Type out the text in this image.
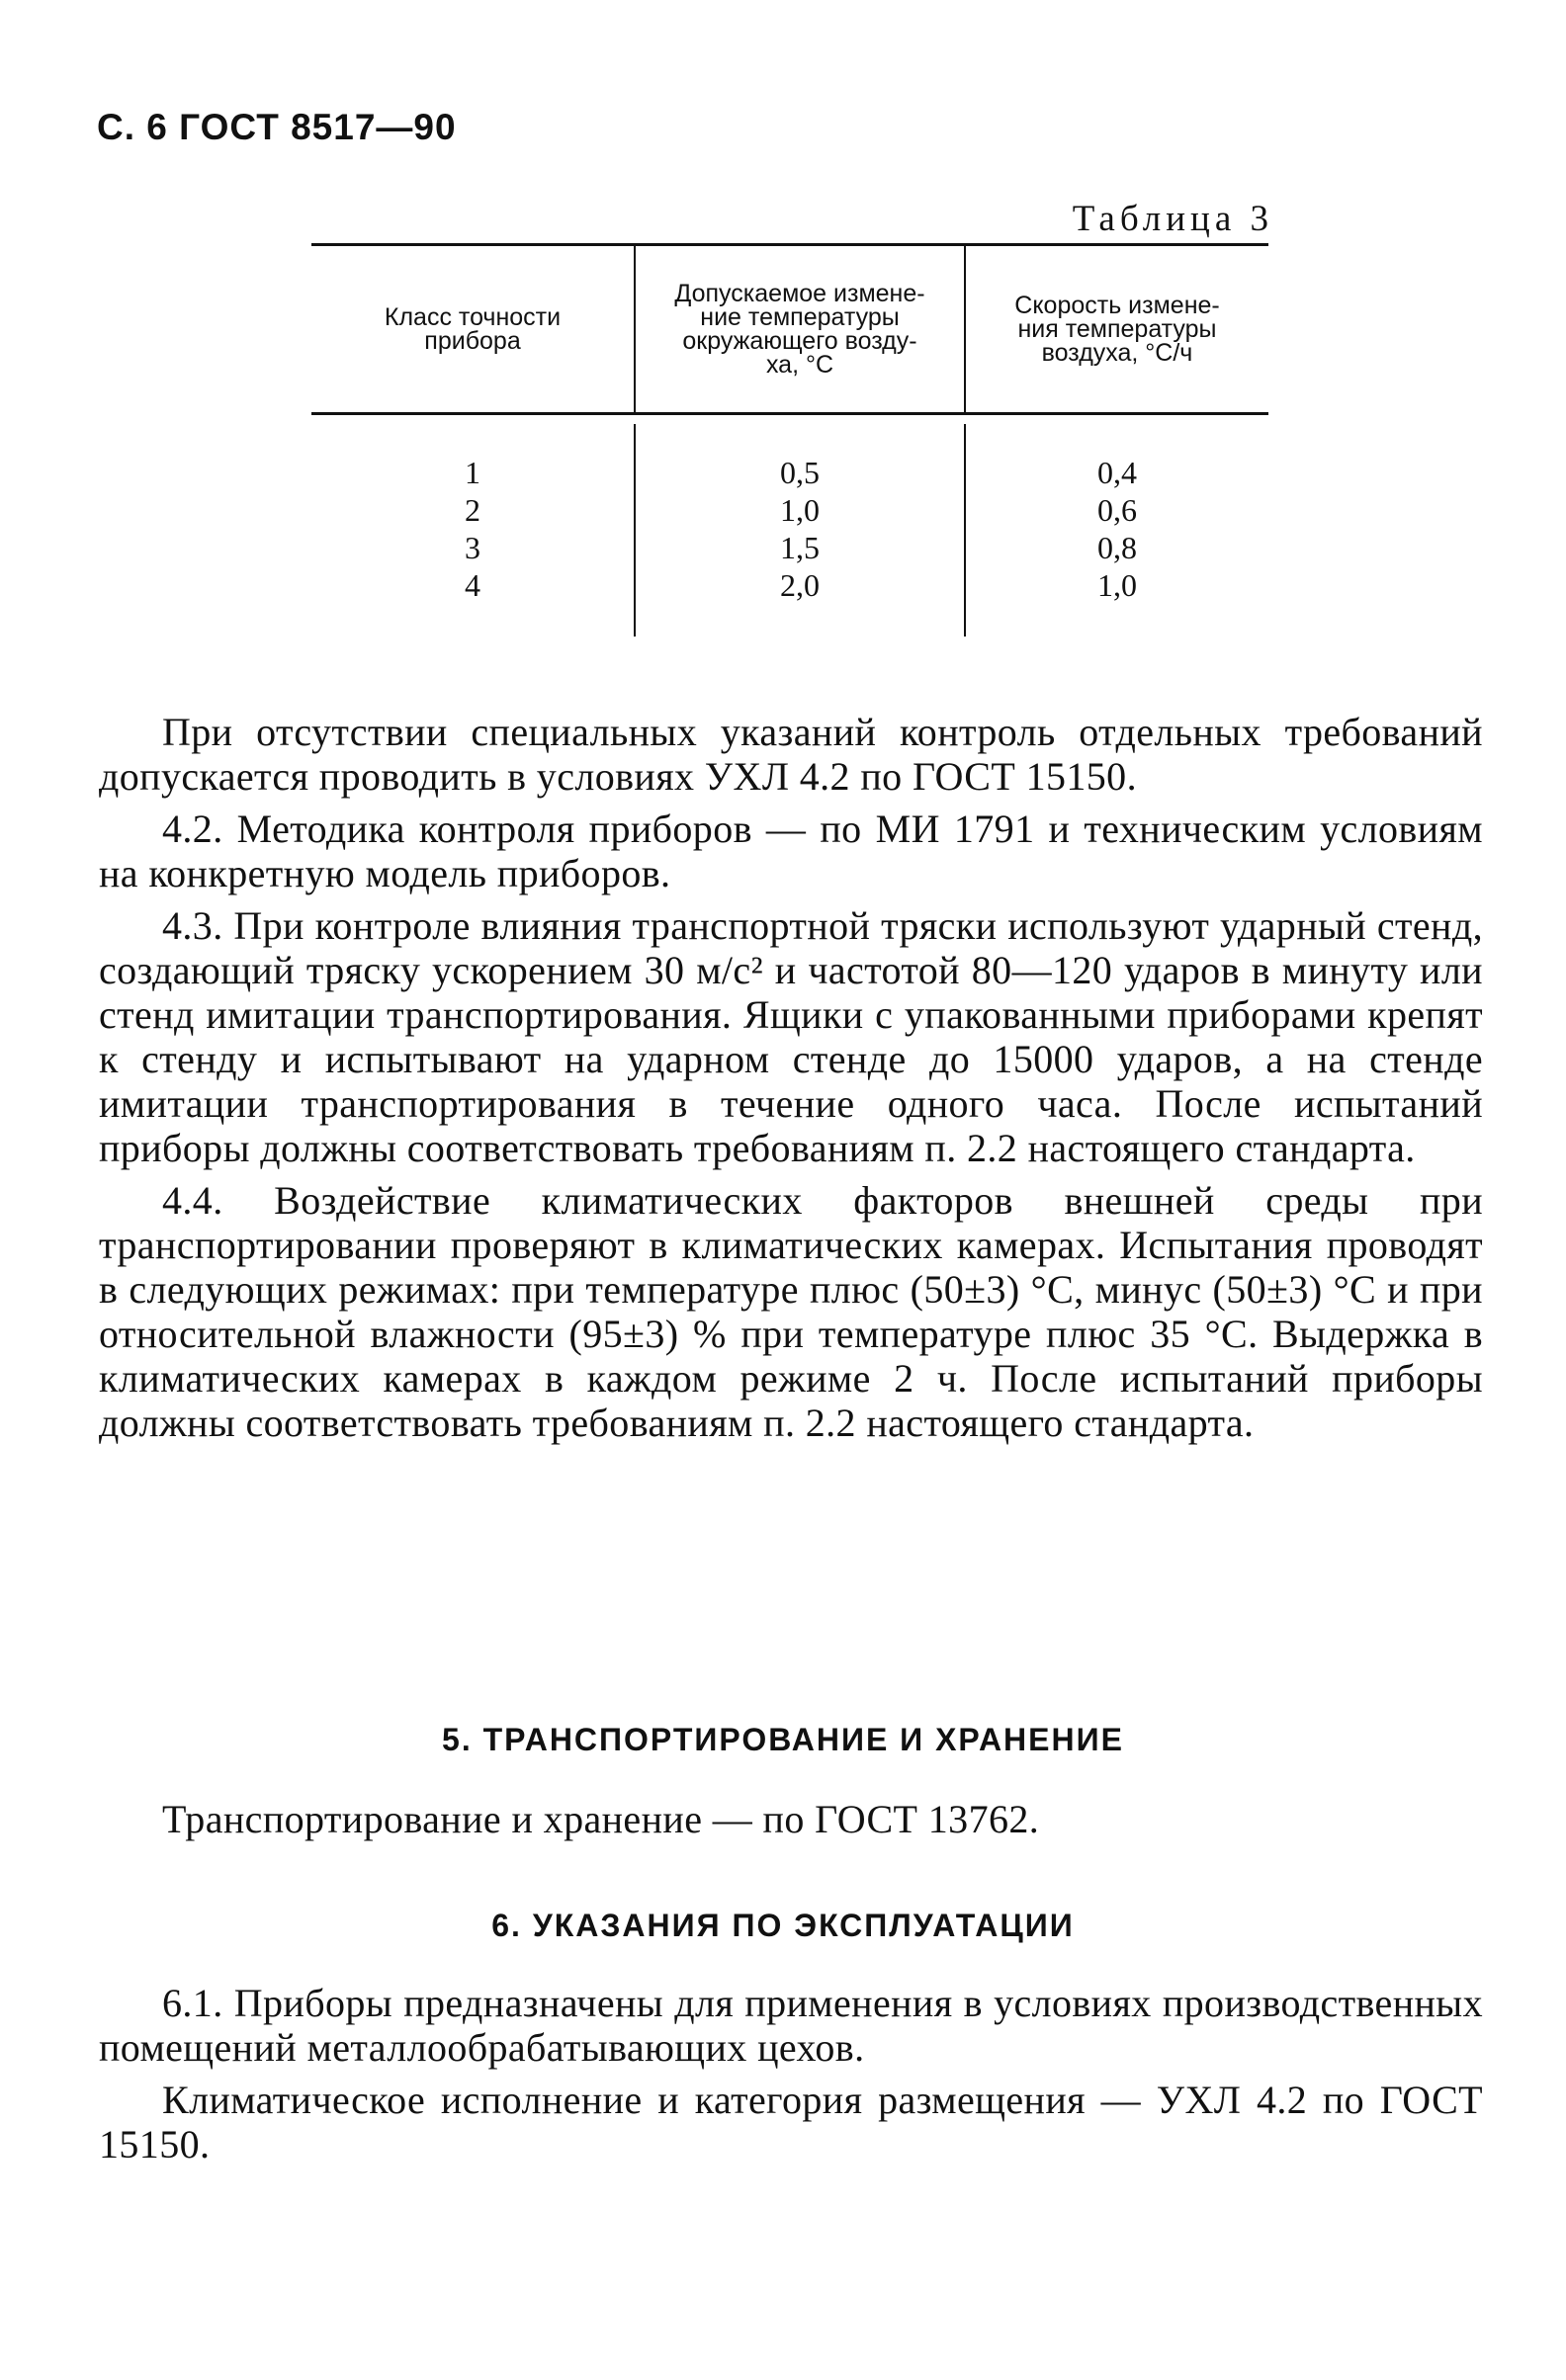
С. 6 ГОСТ 8517—90
Таблица 3
Класс точности
прибора
Допускаемое измене-
ние температуры
окружающего возду-
ха, °С
Скорость измене-
ния температуры
воздуха, °С/ч
1
2
3
4
0,5
1,0
1,5
2,0
0,4
0,6
0,8
1,0

При отсутствии специальных указаний контроль отдельных требований допускается проводить в условиях УХЛ 4.2 по ГОСТ 15150.

4.2. Методика контроля приборов — по МИ 1791 и техническим условиям на конкретную модель приборов.

4.3. При контроле влияния транспортной тряски используют ударный стенд, создающий тряску ускорением 30 м/с² и частотой 80—120 ударов в минуту или стенд имитации транспортирования. Ящики с упакованными приборами крепят к стенду и испытывают на ударном стенде до 15000 ударов, а на стенде имитации транспортирования в течение одного часа. После испытаний приборы должны соответствовать требованиям п. 2.2 настоящего стандарта.

4.4. Воздействие климатических факторов внешней среды при транспортировании проверяют в климатических камерах. Испытания проводят в следующих режимах: при температуре плюс (50±3) °С, минус (50±3) °С и при относительной влажности (95±3) % при температуре плюс 35 °С. Выдержка в климатических камерах в каждом режиме 2 ч. После испытаний приборы должны соответствовать требованиям п. 2.2 настоящего стандарта.

5. ТРАНСПОРТИРОВАНИЕ И ХРАНЕНИЕ

Транспортирование и хранение — по ГОСТ 13762.

6. УКАЗАНИЯ ПО ЭКСПЛУАТАЦИИ

6.1. Приборы предназначены для применения в условиях производственных помещений металлообрабатывающих цехов.

Климатическое исполнение и категория размещения — УХЛ 4.2 по ГОСТ 15150.
